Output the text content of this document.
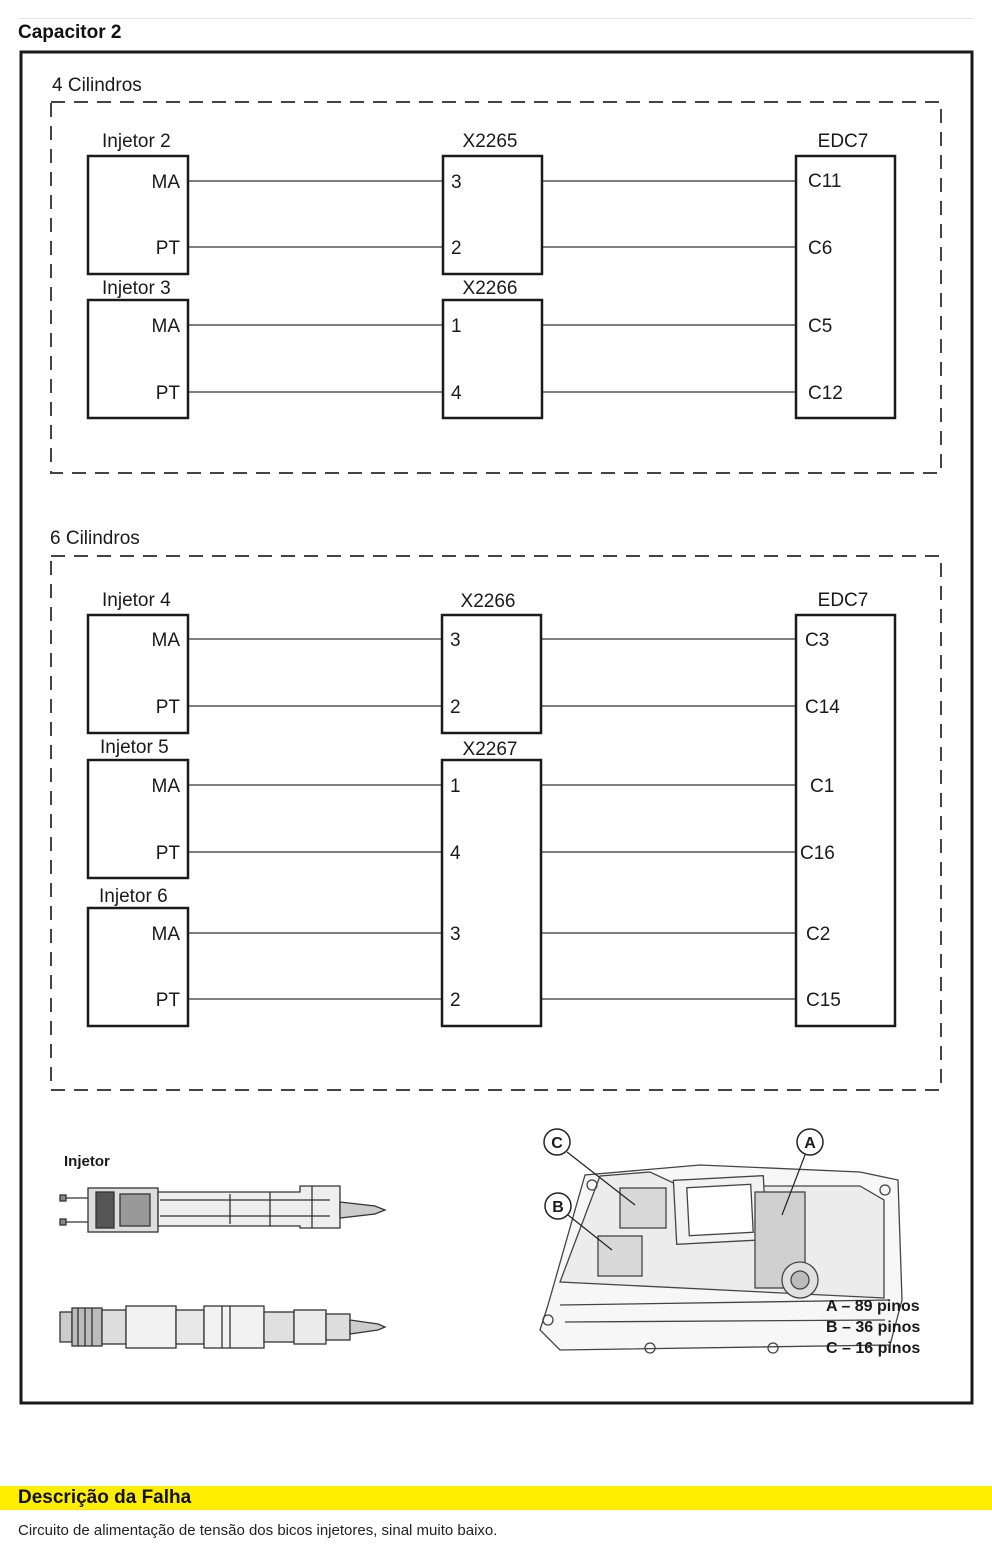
Capacitor 2
4 Cilindros
Injetor 2
MA
PT
Injetor 3
MA
PT
X2265
3
2
X2266
1
4
EDC7
C11
C6
C5
C12
6 Cilindros
Injetor 4
MA
PT
Injetor 5
MA
PT
Injetor 6
MA
PT
X2266
3
2
X2267
1
4
3
2
EDC7
C3
C14
C1
C16
C2
C15
Injetor
C
B
A
A – 89 pinos
B – 36 pinos
C – 16 pinos
Descrição da Falha
Circuito de alimentação de tensão dos bicos injetores, sinal muito baixo.
